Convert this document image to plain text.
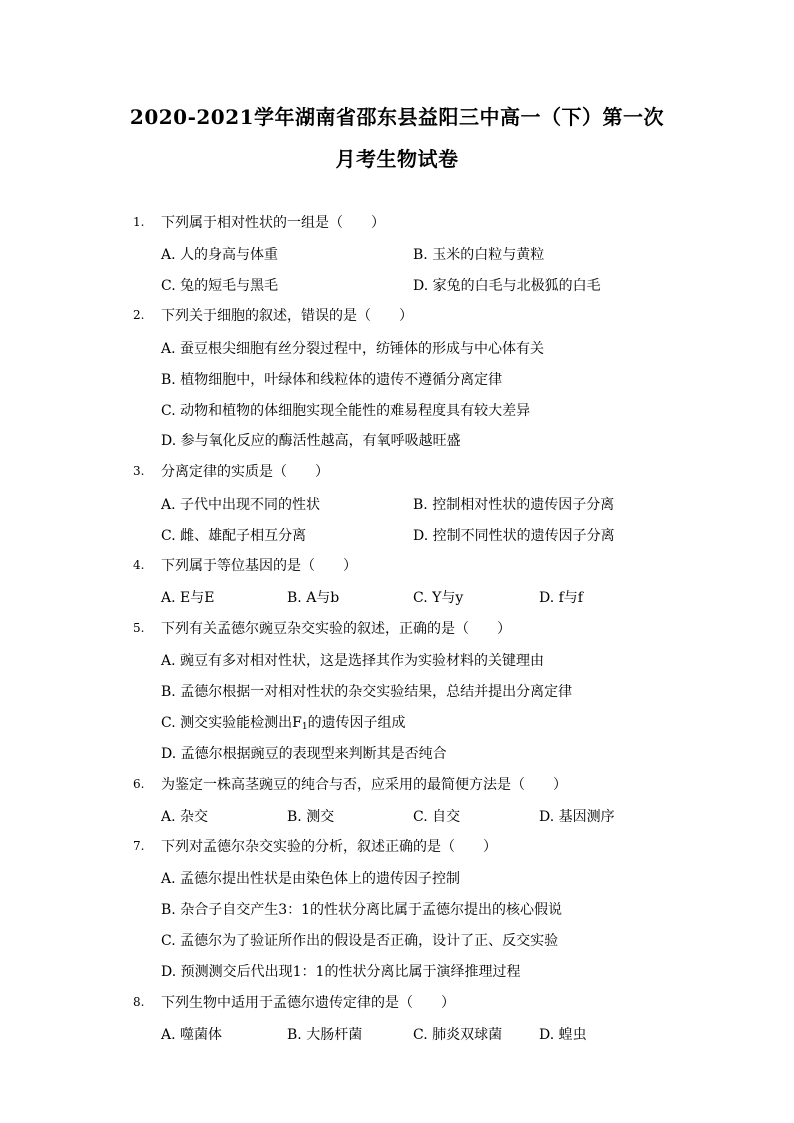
2020-2021学年湖南省邵东县益阳三中高一（下）第一次
月考生物试卷
1. 下列属于相对性状的一组是（　　）
A. 人的身高与体重	B. 玉米的白粒与黄粒
C. 兔的短毛与黑毛	D. 家兔的白毛与北极狐的白毛
2. 下列关于细胞的叙述，错误的是（　　）
A. 蚕豆根尖细胞有丝分裂过程中，纺锤体的形成与中心体有关
B. 植物细胞中，叶绿体和线粒体的遗传不遵循分离定律
C. 动物和植物的体细胞实现全能性的难易程度具有较大差异
D. 参与氧化反应的酶活性越高，有氧呼吸越旺盛
3. 分离定律的实质是（　　）
A. 子代中出现不同的性状	B. 控制相对性状的遗传因子分离
C. 雌、雄配子相互分离	D. 控制不同性状的遗传因子分离
4. 下列属于等位基因的是（　　）
A. E与E	B. A与b	C. Y与y	D. f与f
5. 下列有关孟德尔豌豆杂交实验的叙述，正确的是（　　）
A. 豌豆有多对相对性状，这是选择其作为实验材料的关键理由
B. 孟德尔根据一对相对性状的杂交实验结果，总结并提出分离定律
C. 测交实验能检测出$F_1$的遗传因子组成
D. 孟德尔根据豌豆的表现型来判断其是否纯合
6. 为鉴定一株高茎豌豆的纯合与否，应采用的最简便方法是（　　）
A. 杂交	B. 测交	C. 自交	D. 基因测序
7. 下列对孟德尔杂交实验的分析，叙述正确的是（　　）
A. 孟德尔提出性状是由染色体上的遗传因子控制
B. 杂合子自交产生3：1的性状分离比属于孟德尔提出的核心假说
C. 孟德尔为了验证所作出的假设是否正确，设计了正、反交实验
D. 预测测交后代出现1：1的性状分离比属于演绎推理过程
8. 下列生物中适用于孟德尔遗传定律的是（　　）
A. 噬菌体	B. 大肠杆菌	C. 肺炎双球菌	D. 蝗虫
